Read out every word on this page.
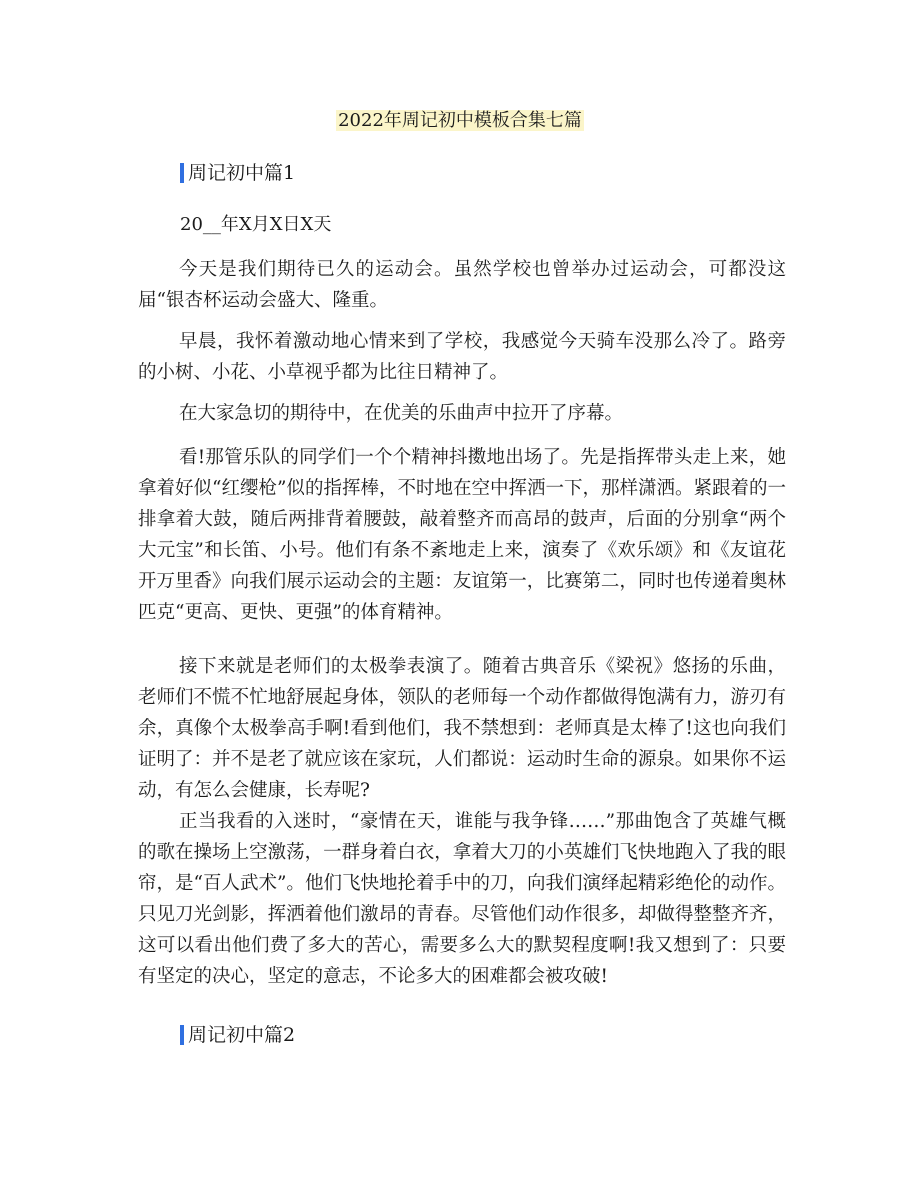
2022年周记初中模板合集七篇
周记初中篇1
20__年X月X日X天

今天是我们期待已久的运动会。虽然学校也曾举办过运动会，可都没这届“银杏杯运动会盛大、隆重。

早晨，我怀着激动地心情来到了学校，我感觉今天骑车没那么冷了。路旁的小树、小花、小草视乎都为比往日精神了。

在大家急切的期待中，在优美的乐曲声中拉开了序幕。

看!那管乐队的同学们一个个精神抖擞地出场了。先是指挥带头走上来，她拿着好似“红缨枪”似的指挥棒，不时地在空中挥洒一下，那样潇洒。紧跟着的一排拿着大鼓，随后两排背着腰鼓，敲着整齐而高昂的鼓声，后面的分别拿“两个大元宝”和长笛、小号。他们有条不紊地走上来，演奏了《欢乐颂》和《友谊花开万里香》向我们展示运动会的主题：友谊第一，比赛第二，同时也传递着奥林匹克“更高、更快、更强”的体育精神。

接下来就是老师们的太极拳表演了。随着古典音乐《梁祝》悠扬的乐曲，老师们不慌不忙地舒展起身体，领队的老师每一个动作都做得饱满有力，游刃有余，真像个太极拳高手啊!看到他们，我不禁想到：老师真是太棒了!这也向我们证明了：并不是老了就应该在家玩，人们都说：运动时生命的源泉。如果你不运动，有怎么会健康，长寿呢?

正当我看的入迷时，“豪情在天，谁能与我争锋……”那曲饱含了英雄气概的歌在操场上空激荡，一群身着白衣，拿着大刀的小英雄们飞快地跑入了我的眼帘，是“百人武术”。他们飞快地抡着手中的刀，向我们演绎起精彩绝伦的动作。只见刀光剑影，挥洒着他们激昂的青春。尽管他们动作很多，却做得整整齐齐，这可以看出他们费了多大的苦心，需要多么大的默契程度啊!我又想到了：只要有坚定的决心，坚定的意志，不论多大的困难都会被攻破!

周记初中篇2
